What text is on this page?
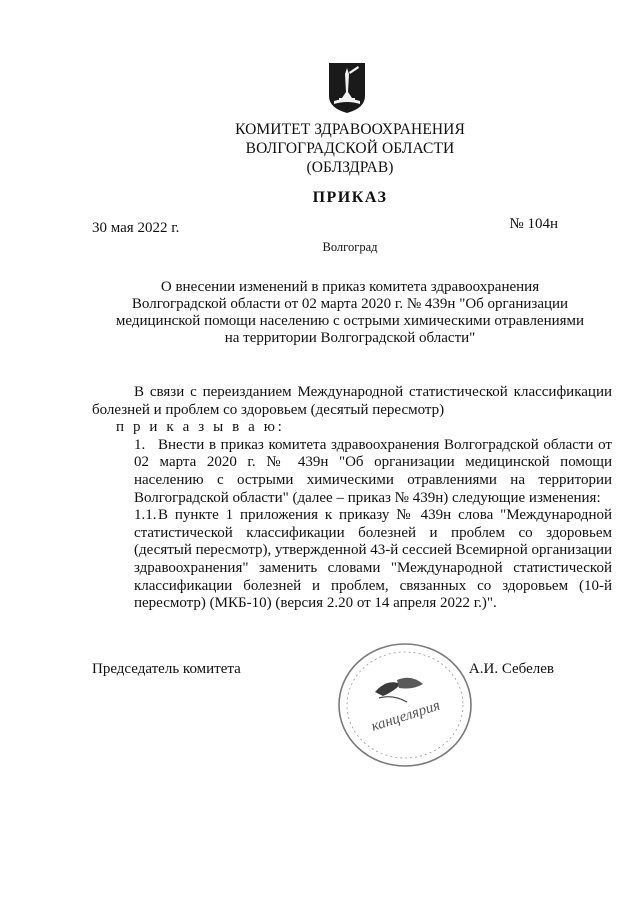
КОМИТЕТ ЗДРАВООХРАНЕНИЯ
ВОЛГОГРАДСКОЙ ОБЛАСТИ
(ОБЛЗДРАВ)
ПРИКАЗ
30 мая 2022 г.	№ 104н
Волгоград
О внесении изменений в приказ комитета здравоохранения
Волгоградской области от 02 марта 2020 г. № 439н "Об организации
медицинской помощи населению с острыми химическими отравлениями
на территории Волгоградской области"

В связи с переизданием Международной статистической классификации болезней и проблем со здоровьем (десятый пересмотр)

п р и к а з ы в а ю:

1. Внести в приказ комитета здравоохранения Волгоградской области от 02 марта 2020 г. № 439н "Об организации медицинской помощи населению с острыми химическими отравлениями на территории Волгоградской области" (далее – приказ № 439н) следующие изменения:

1.1. В пункте 1 приложения к приказу № 439н слова "Международной статистической классификации болезней и проблем со здоровьем (десятый пересмотр), утвержденной 43-й сессией Всемирной организации здравоохранения" заменить словами "Международной статистической классификации болезней и проблем, связанных со здоровьем (10-й пересмотр) (МКБ-10) (версия 2.20 от 14 апреля 2022 г.)".

Председатель комитета	А.И. Себелев
канцелярия
